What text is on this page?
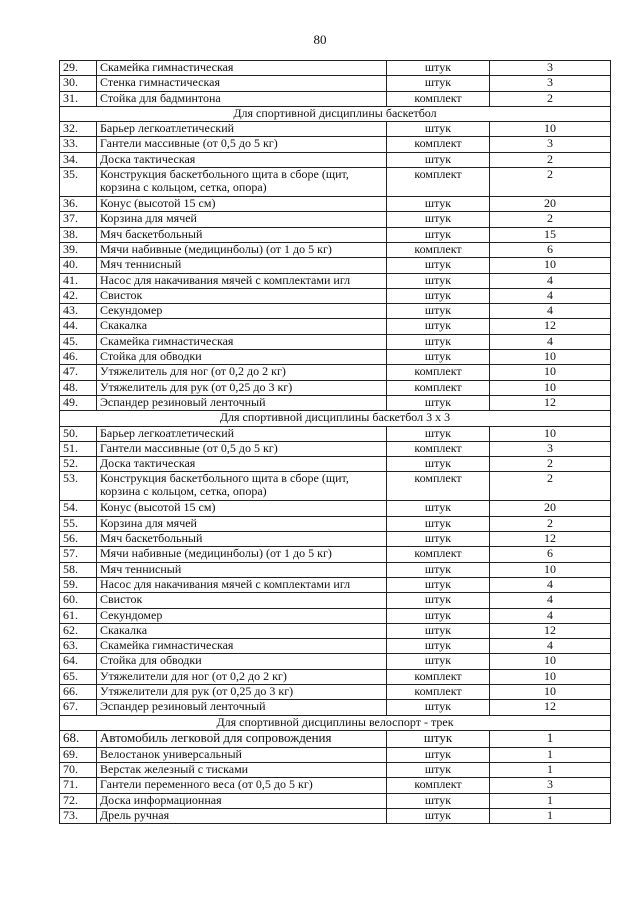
80
29.	Скамейка гимнастическая	штук	3
30.	Стенка гимнастическая	штук	3
31.	Стойка для бадминтона	комплект	2
Для спортивной дисциплины баскетбол			
32.	Барьер легкоатлетический	штук	10
33.	Гантели массивные (от 0,5 до 5 кг)	комплект	3
34.	Доска тактическая	штук	2
35.	Конструкция баскетбольного щита в сборе (щит, корзина с кольцом, сетка, опора)	комплект	2
36.	Конус (высотой 15 см)	штук	20
37.	Корзина для мячей	штук	2
38.	Мяч баскетбольный	штук	15
39.	Мячи набивные (медицинболы) (от 1 до 5 кг)	комплект	6
40.	Мяч теннисный	штук	10
41.	Насос для накачивания мячей с комплектами игл	штук	4
42.	Свисток	штук	4
43.	Секундомер	штук	4
44.	Скакалка	штук	12
45.	Скамейка гимнастическая	штук	4
46.	Стойка для обводки	штук	10
47.	Утяжелитель для ног (от 0,2 до 2 кг)	комплект	10
48.	Утяжелитель для рук (от 0,25 до 3 кг)	комплект	10
49.	Эспандер резиновый ленточный	штук	12
Для спортивной дисциплины баскетбол 3 х 3			
50.	Барьер легкоатлетический	штук	10
51.	Гантели массивные (от 0,5 до 5 кг)	комплект	3
52.	Доска тактическая	штук	2
53.	Конструкция баскетбольного щита в сборе (щит, корзина с кольцом, сетка, опора)	комплект	2
54.	Конус (высотой 15 см)	штук	20
55.	Корзина для мячей	штук	2
56.	Мяч баскетбольный	штук	12
57.	Мячи набивные (медицинболы) (от 1 до 5 кг)	комплект	6
58.	Мяч теннисный	штук	10
59.	Насос для накачивания мячей с комплектами игл	штук	4
60.	Свисток	штук	4
61.	Секундомер	штук	4
62.	Скакалка	штук	12
63.	Скамейка гимнастическая	штук	4
64.	Стойка для обводки	штук	10
65.	Утяжелители для ног (от 0,2 до 2 кг)	комплект	10
66.	Утяжелители для рук (от 0,25 до 3 кг)	комплект	10
67.	Эспандер резиновый ленточный	штук	12
Для спортивной дисциплины велоспорт - трек			
68.	Автомобиль легковой для сопровождения	штук	1
69.	Велостанок универсальный	штук	1
70.	Верстак железный с тисками	штук	1
71.	Гантели переменного веса (от 0,5 до 5 кг)	комплект	3
72.	Доска информационная	штук	1
73.	Дрель ручная	штук	1
